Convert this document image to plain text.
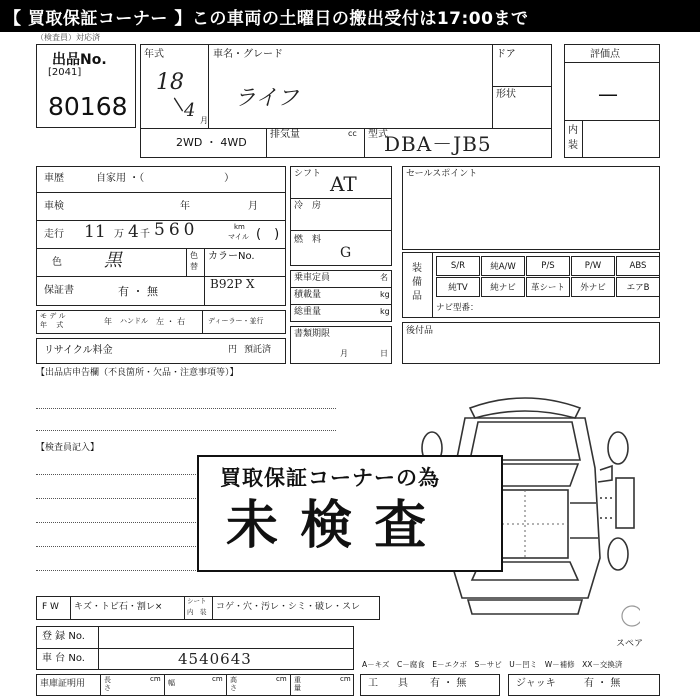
【 買取保証コーナー 】この車両の土曜日の搬出受付は17:00まで
（検査員）対応済
出品No.
[2041]
80168
年式
18
/
4 月
車名・グレード
ライフ
ドア
形状
2WD ・ 4WD
排気量	cc 型式
DBA－JB5
評価点
—
内
装
車歴	自家用 ・（　　　　　　　　）
車検	年	月
走行 11 万 4 千 560	km
マイル (　)
色 黒	色
替
カラーNo.
B92P X
保証書	有 ・ 無
モ デ ル
年　 式	年 ハンドル 左 ・ 右	ディーラー・並行
リサイクル料金	円 預託済
シフト AT
冷　房
燃　料
G
乗車定員	名
積載量	kg
総重量	kg
書類期限
月	日
セールスポイント
装備品
S/R	純A/W	P/S	P/W	ABS
純TV	純ナビ	革シート	外ナビ	エアB
ナビ型番：
後付品
【出品店申告欄（不良箇所・欠品・注意事項等）】
【検査員記入】
スペア
買取保証コーナーの為
未 検 査
F W キズ・トビ石・割レ×
シート
内　装 コゲ・穴・汚レ・シミ・破レ・スレ
登 録 No.
車 台 No.	4540643
車庫証明用	長さ
cm 幅	cm 高さ
cm 重量
cm
A－キズ　C－腐食　E－エクボ　S－サビ　U－凹ミ　W－補修　XX－交換済
工　　具 有 ・ 無	ジャッキ	有 ・ 無
